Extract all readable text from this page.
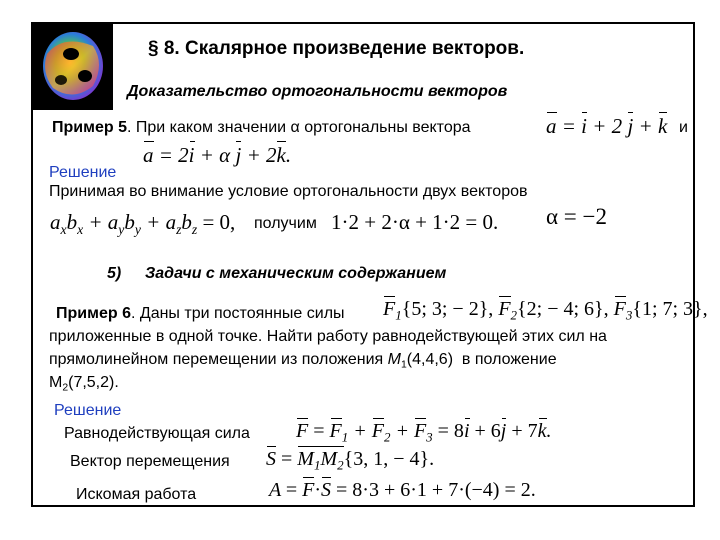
§ 8. Скалярное произведение векторов.
Доказательство ортогональности векторов
Пример 5. При каком значении α ортогональны вектора	a = i + 2 j + k и
a = 2i + α j + 2k.
Решение
Принимая во внимание условие ортогональности двух векторов
$a_xb_x + a_yb_y + a_zb_z = 0$, получим 1·2 + 2·α + 1·2 = 0. α = −2
5) Задачи с механическим содержанием
Пример 6. Даны три постоянные силы $F_1\{5$; 3; − 2}, $F_2\{2$; − 4; 6}, $F_3\{1$; 7; 3},
приложенные в одной точке. Найти работу равнодействующей этих сил на
прямолинейном перемещении из положения $M_1(4,4,6)$  в положение
$M_2(7,5,2)$.
Решение
Равнодействующая сила $F = F_1 + F_2 + F_3 = 8i + 6j + 7k$.
Вектор перемещения $S = M_1M_2\{3$, 1, − 4}.
Искомая работа	A = F·S = 8·3 + 6·1 + 7·(−4) = 2.
